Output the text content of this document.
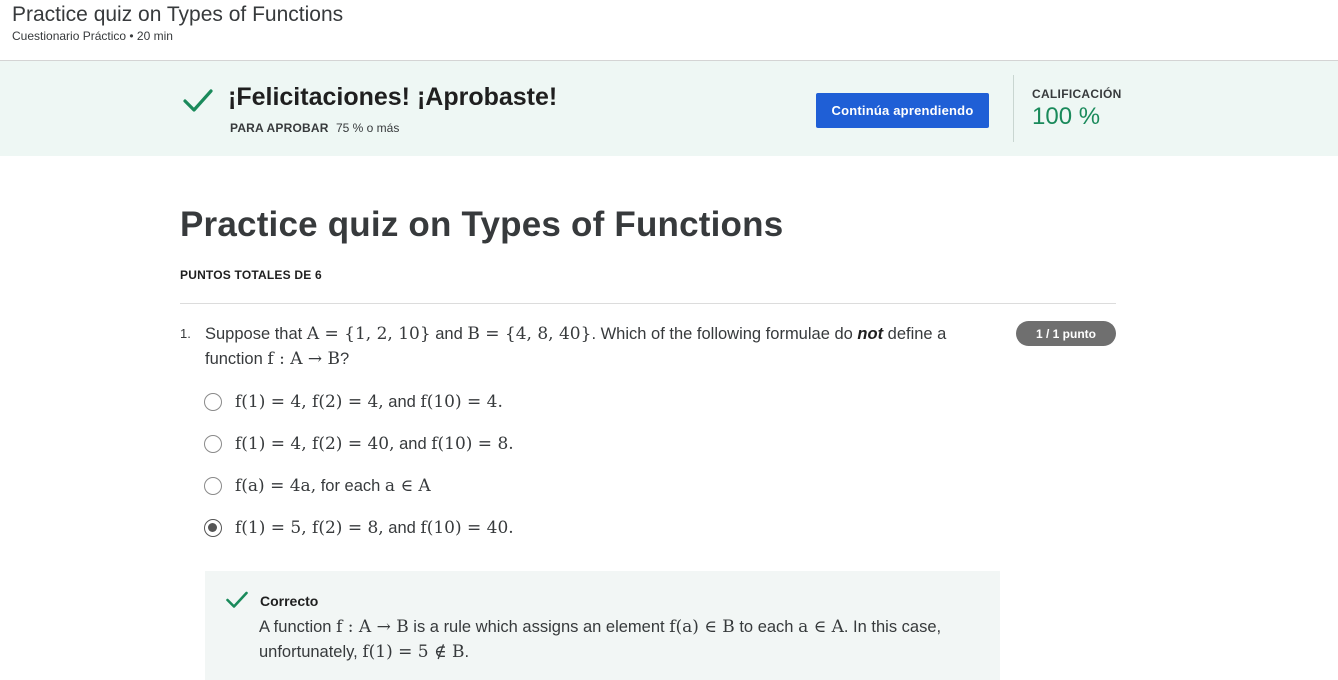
Practice quiz on Types of Functions
Cuestionario Práctico • 20 min
¡Felicitaciones! ¡Aprobaste!
PARA APROBAR 75 % o más
Continúa aprendiendo
CALIFICACIÓN
100 %
Practice quiz on Types of Functions
PUNTOS TOTALES DE 6
1. Suppose that A = {1, 2, 10} and B = {4, 8, 40}. Which of the following formulae do not define a function f : A → B?
1 / 1 punto
f(1) = 4, f(2) = 4, and f(10) = 4.
f(1) = 4, f(2) = 40, and f(10) = 8.
f(a) = 4a, for each a ∈ A
f(1) = 5, f(2) = 8, and f(10) = 40.
Correcto
A function f : A → B is a rule which assigns an element f(a) ∈ B to each a ∈ A. In this case, unfortunately, f(1) = 5 ∉ B.
